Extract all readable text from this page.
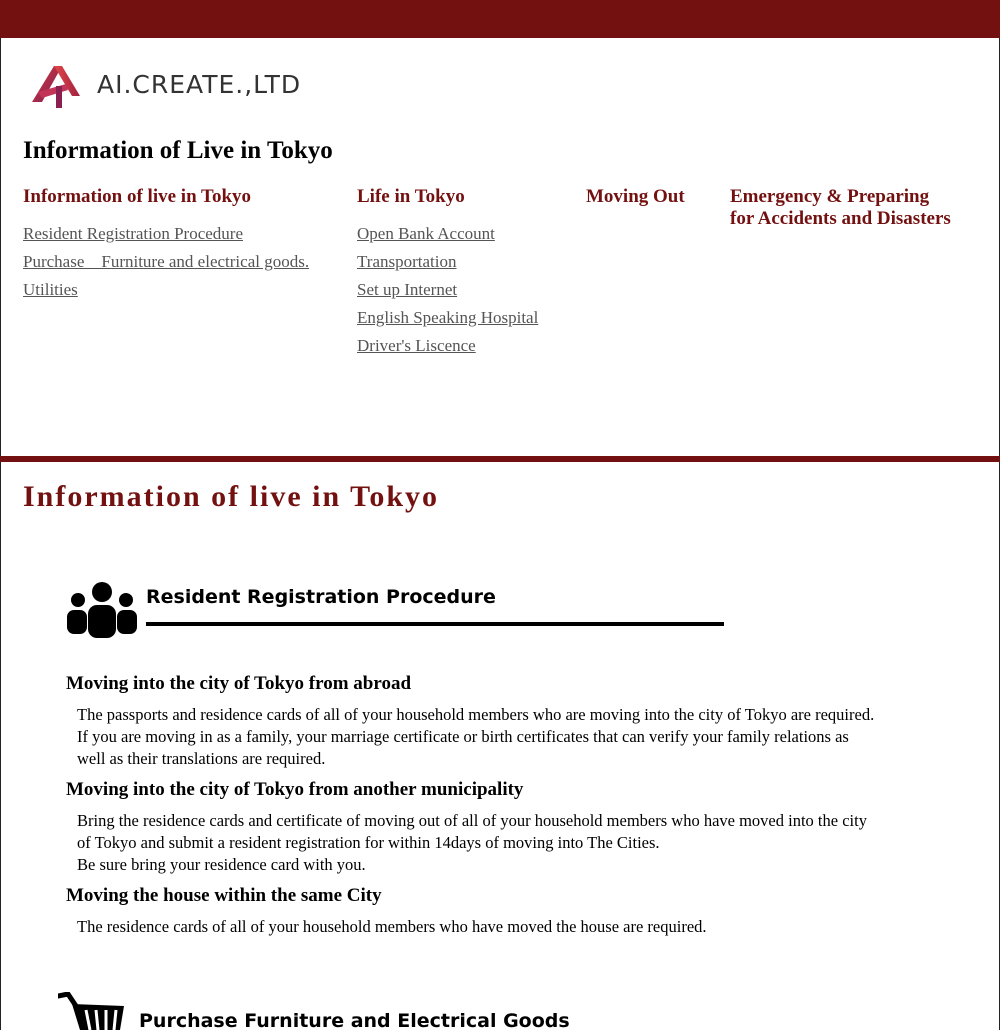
AI.CREATE.,LTD
Information of Live in Tokyo
Information of live in Tokyo
Resident Registration Procedure
Purchase　Furniture and electrical goods.
Utilities
Life in Tokyo
Open Bank Account
Transportation
Set up Internet
English Speaking Hospital
Driver's Liscence
Moving Out Emergency & Preparing
for Accidents and Disasters
Information of live in Tokyo
Resident Registration Procedure
Moving into the city of Tokyo from abroad

The passports and residence cards of all of your household members who are moving into the city of Tokyo are required.
If you are moving in as a family, your marriage certificate or birth certificates that can verify your family relations as
well as their translations are required.

Moving into the city of Tokyo from another municipality

Bring the residence cards and certificate of moving out of all of your household members who have moved into the city
of Tokyo and submit a resident registration for within 14days of moving into The Cities.
Be sure bring your residence card with you.

Moving the house within the same City

The residence cards of all of your household members who have moved the house are required.

Purchase Furniture and Electrical Goods
